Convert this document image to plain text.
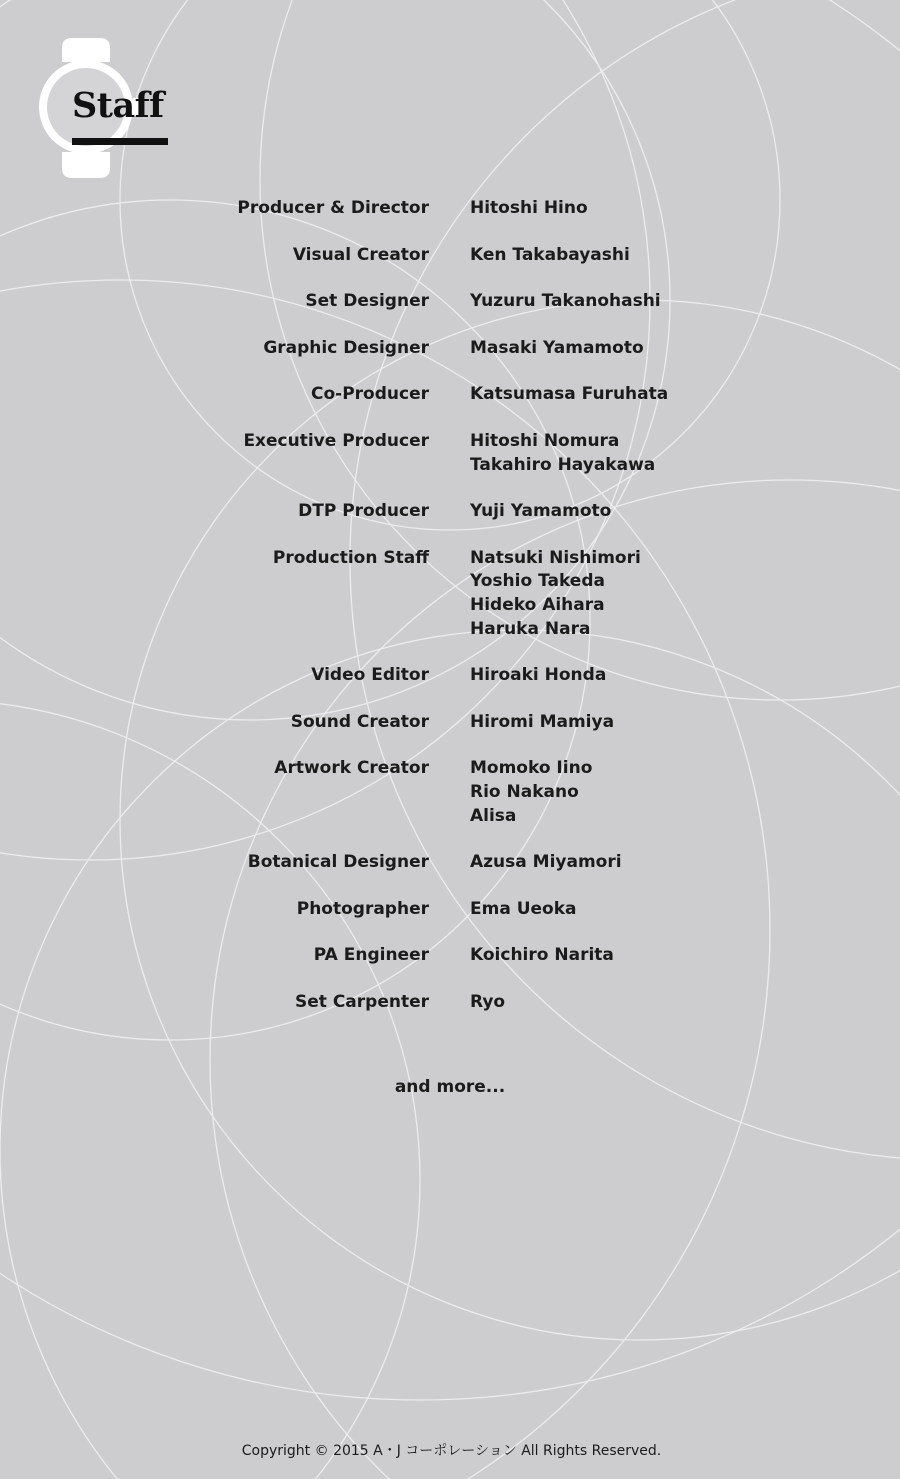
Staff
Producer & Director Hitoshi Hino
Visual Creator Ken Takabayashi
Set Designer Yuzuru Takanohashi
Graphic Designer Masaki Yamamoto
Co-Producer Katsumasa Furuhata
Executive Producer Hitoshi Nomura
Takahiro Hayakawa
DTP Producer Yuji Yamamoto
Production Staff Natsuki Nishimori
Yoshio Takeda
Hideko Aihara
Haruka Nara
Video Editor Hiroaki Honda
Sound Creator Hiromi Mamiya
Artwork Creator Momoko Iino
Rio Nakano
Alisa
Botanical Designer Azusa Miyamori
Photographer Ema Ueoka
PA Engineer Koichiro Narita
Set Carpenter Ryo
and more...
Copyright © 2015 A・J コーポレーション All Rights Reserved.
